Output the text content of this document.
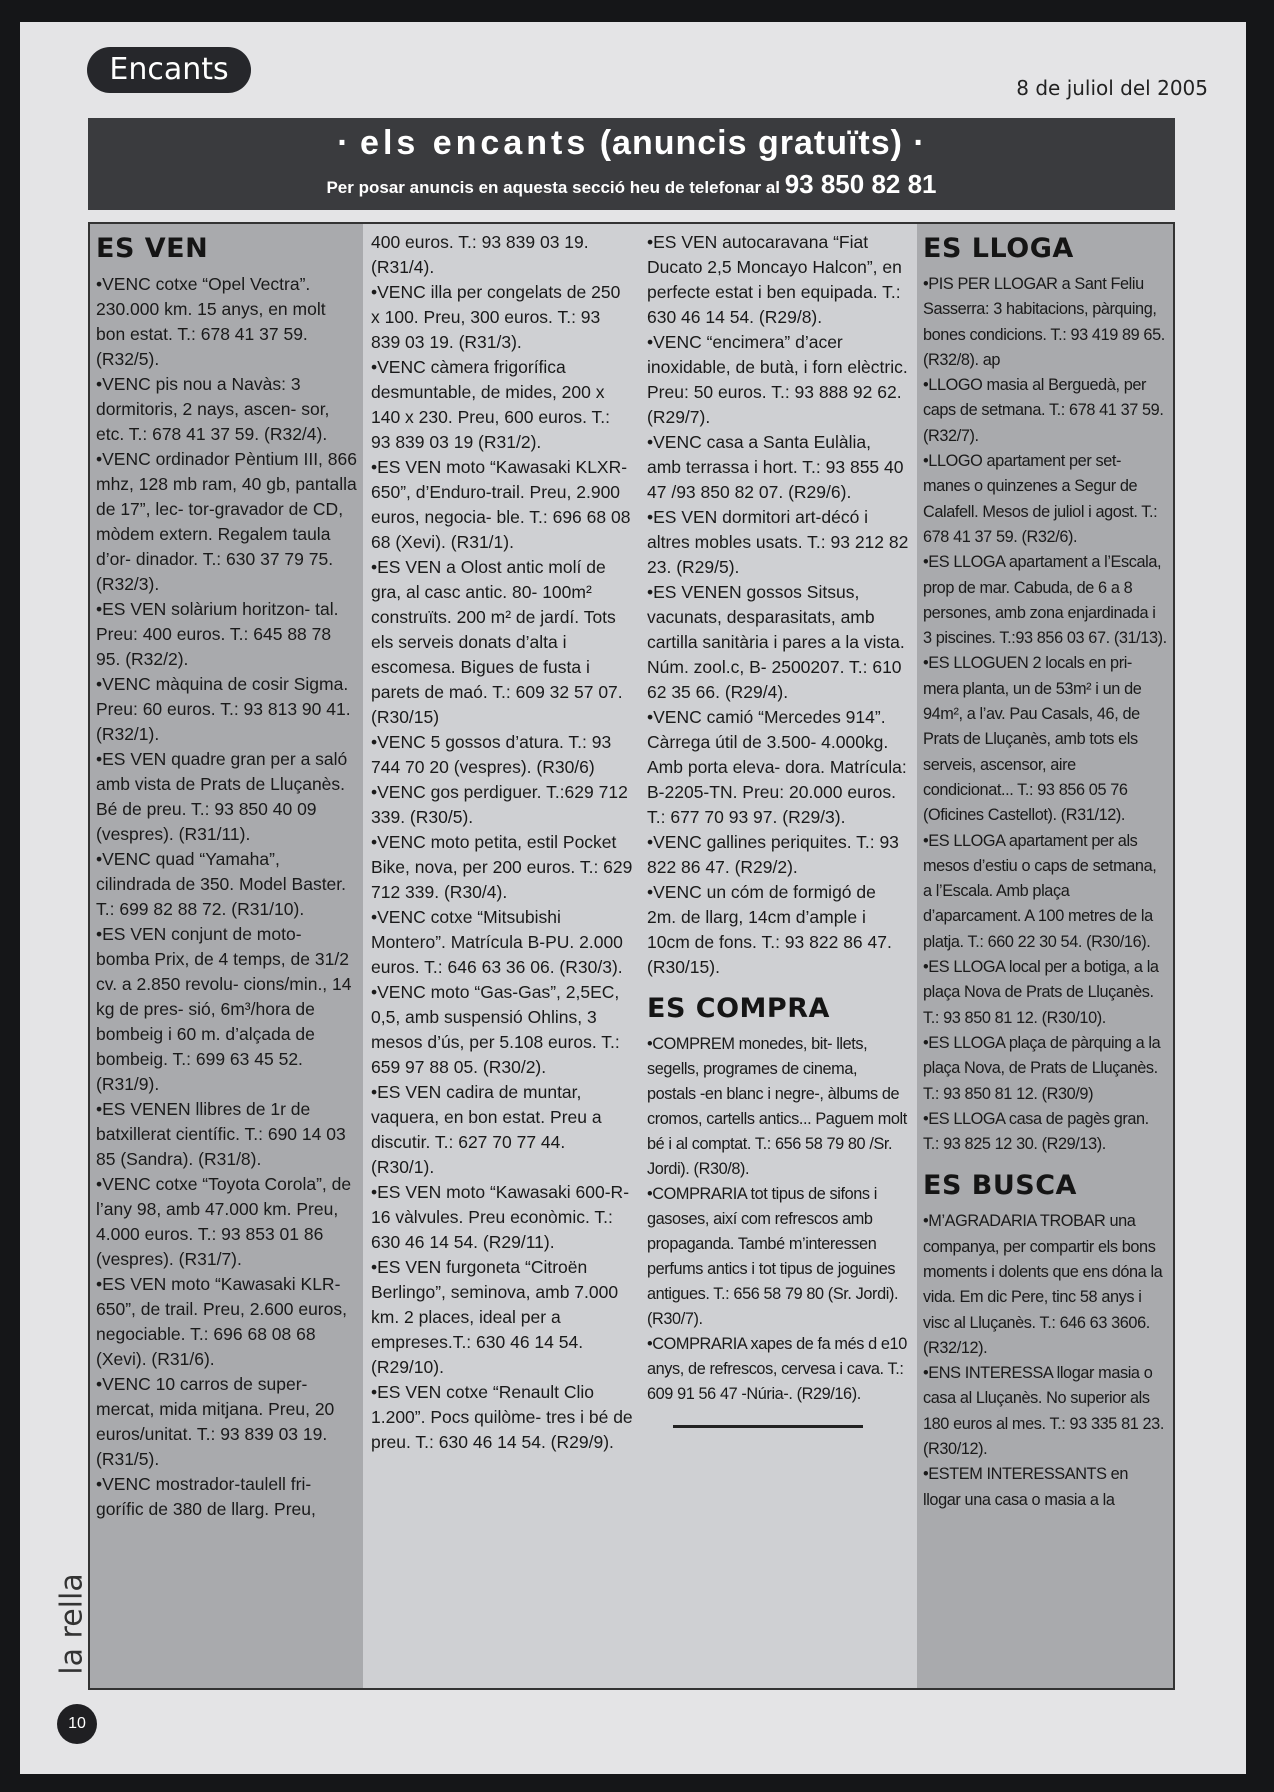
Encants
8 de juliol del 2005
· els encants (anuncis gratuïts) ·
Per posar anuncis en aquesta secció heu de telefonar al 93 850 82 81
ES VEN
•VENC cotxe “Opel Vectra”. 230.000 km. 15 anys, en molt bon estat. T.: 678 41 37 59. (R32/5).
•VENC pis nou a Navàs: 3 dormitoris, 2 nays, ascen- sor, etc. T.: 678 41 37 59. (R32/4).
•VENC ordinador Pèntium III, 866 mhz, 128 mb ram, 40 gb, pantalla de 17”, lec- tor-gravador de CD, mòdem extern. Regalem taula d’or- dinador. T.: 630 37 79 75. (R32/3).
•ES VEN solàrium horitzon- tal. Preu: 400 euros. T.: 645 88 78 95. (R32/2).
•VENC màquina de cosir Sigma. Preu: 60 euros. T.: 93 813 90 41. (R32/1).
•ES VEN quadre gran per a saló amb vista de Prats de Lluçanès. Bé de preu. T.: 93 850 40 09 (vespres). (R31/11).
•VENC quad “Yamaha”, cilindrada de 350. Model Baster. T.: 699 82 88 72. (R31/10).
•ES VEN conjunt de moto- bomba Prix, de 4 temps, de 31/2 cv. a 2.850 revolu- cions/min., 14 kg de pres- sió, 6m³/hora de bombeig i 60 m. d’alçada de bombeig. T.: 699 63 45 52. (R31/9).
•ES VENEN llibres de 1r de batxillerat científic. T.: 690 14 03 85 (Sandra). (R31/8).
•VENC cotxe “Toyota Corola”, de l’any 98, amb 47.000 km. Preu, 4.000 euros. T.: 93 853 01 86 (vespres). (R31/7).
•ES VEN moto “Kawasaki KLR-650”, de trail. Preu, 2.600 euros, negociable. T.: 696 68 08 68 (Xevi). (R31/6).
•VENC 10 carros de super- mercat, mida mitjana. Preu, 20 euros/unitat. T.: 93 839 03 19. (R31/5).
•VENC mostrador-taulell fri- gorífic de 380 de llarg. Preu,
400 euros. T.: 93 839 03 19. (R31/4).
•VENC illa per congelats de 250 x 100. Preu, 300 euros. T.: 93 839 03 19. (R31/3).
•VENC càmera frigorífica desmuntable, de mides, 200 x 140 x 230. Preu, 600 euros. T.: 93 839 03 19 (R31/2).
•ES VEN moto “Kawasaki KLXR-650”, d’Enduro-trail. Preu, 2.900 euros, negocia- ble. T.: 696 68 08 68 (Xevi). (R31/1).
•ES VEN a Olost antic molí de gra, al casc antic. 80- 100m² construïts. 200 m² de jardí. Tots els serveis donats d’alta i escomesa. Bigues de fusta i parets de maó. T.: 609 32 57 07. (R30/15)
•VENC 5 gossos d’atura. T.: 93 744 70 20 (vespres). (R30/6)
•VENC gos perdiguer. T.:629 712 339. (R30/5).
•VENC moto petita, estil Pocket Bike, nova, per 200 euros. T.: 629 712 339. (R30/4).
•VENC cotxe “Mitsubishi Montero”. Matrícula B-PU. 2.000 euros. T.: 646 63 36 06. (R30/3).
•VENC moto “Gas-Gas”, 2,5EC, 0,5, amb suspensió Ohlins, 3 mesos d’ús, per 5.108 euros. T.: 659 97 88 05. (R30/2).
•ES VEN cadira de muntar, vaquera, en bon estat. Preu a discutir. T.: 627 70 77 44. (R30/1).
•ES VEN moto “Kawasaki 600-R-16 vàlvules. Preu econòmic. T.: 630 46 14 54. (R29/11).
•ES VEN furgoneta “Citroën Berlingo”, seminova, amb 7.000 km. 2 places, ideal per a empreses.T.: 630 46 14 54. (R29/10).
•ES VEN cotxe “Renault Clio 1.200”. Pocs quilòme- tres i bé de preu. T.: 630 46 14 54. (R29/9).
•ES VEN autocaravana “Fiat Ducato 2,5 Moncayo Halcon”, en perfecte estat i ben equipada. T.: 630 46 14 54. (R29/8).
•VENC “encimera” d’acer inoxidable, de butà, i forn elèctric. Preu: 50 euros. T.: 93 888 92 62.(R29/7).
•VENC casa a Santa Eulàlia, amb terrassa i hort. T.: 93 855 40 47 /93 850 82 07. (R29/6).
•ES VEN dormitori art-décó i altres mobles usats. T.: 93 212 82 23. (R29/5).
•ES VENEN gossos Sitsus, vacunats, desparasitats, amb cartilla sanitària i pares a la vista. Núm. zool.c, B- 2500207. T.: 610 62 35 66. (R29/4).
•VENC camió “Mercedes 914”. Càrrega útil de 3.500- 4.000kg. Amb porta eleva- dora. Matrícula: B-2205-TN. Preu: 20.000 euros. T.: 677 70 93 97. (R29/3).
•VENC gallines periquites. T.: 93 822 86 47. (R29/2).
•VENC un cóm de formigó de 2m. de llarg, 14cm d’ample i 10cm de fons. T.: 93 822 86 47. (R30/15).
ES COMPRA
•COMPREM monedes, bit- llets, segells, programes de cinema, postals -en blanc i negre-, àlbums de cromos, cartells antics... Paguem molt bé i al comptat. T.: 656 58 79 80 /Sr. Jordi). (R30/8).
•COMPRARIA tot tipus de sifons i gasoses, així com refrescos amb propaganda. També m’interessen perfums antics i tot tipus de joguines antigues. T.: 656 58 79 80 (Sr. Jordi). (R30/7).
•COMPRARIA xapes de fa més d e10 anys, de refrescos, cervesa i cava. T.: 609 91 56 47 -Núria-. (R29/16).
ES LLOGA
•PIS PER LLOGAR a Sant Feliu Sasserra: 3 habitacions, pàrquing, bones condicions. T.: 93 419 89 65. (R32/8). ap
•LLOGO masia al Berguedà, per caps de setmana. T.: 678 41 37 59. (R32/7).
•LLOGO apartament per set- manes o quinzenes a Segur de Calafell. Mesos de juliol i agost. T.: 678 41 37 59. (R32/6).
•ES LLOGA apartament a l’Escala, prop de mar. Cabuda, de 6 a 8 persones, amb zona enjardinada i 3 piscines. T.:93 856 03 67. (31/13).
•ES LLOGUEN 2 locals en pri- mera planta, un de 53m² i un de 94m², a l’av. Pau Casals, 46, de Prats de Lluçanès, amb tots els serveis, ascensor, aire condicionat... T.: 93 856 05 76 (Oficines Castellot). (R31/12).
•ES LLOGA apartament per als mesos d’estiu o caps de setmana, a l’Escala. Amb plaça d’aparcament. A 100 metres de la platja. T.: 660 22 30 54. (R30/16).
•ES LLOGA local per a botiga, a la plaça Nova de Prats de Lluçanès. T.: 93 850 81 12. (R30/10).
•ES LLOGA plaça de pàrquing a la plaça Nova, de Prats de Lluçanès. T.: 93 850 81 12. (R30/9)
•ES LLOGA casa de pagès gran. T.: 93 825 12 30. (R29/13).
ES BUSCA
•M’AGRADARIA TROBAR una companya, per compartir els bons moments i dolents que ens dóna la vida. Em dic Pere, tinc 58 anys i visc al Lluçanès. T.: 646 63 3606. (R32/12).
•ENS INTERESSA llogar masia o casa al Lluçanès. No superior als 180 euros al mes. T.: 93 335 81 23. (R30/12).
•ESTEM INTERESSANTS en llogar una casa o masia a la
la rella
10
